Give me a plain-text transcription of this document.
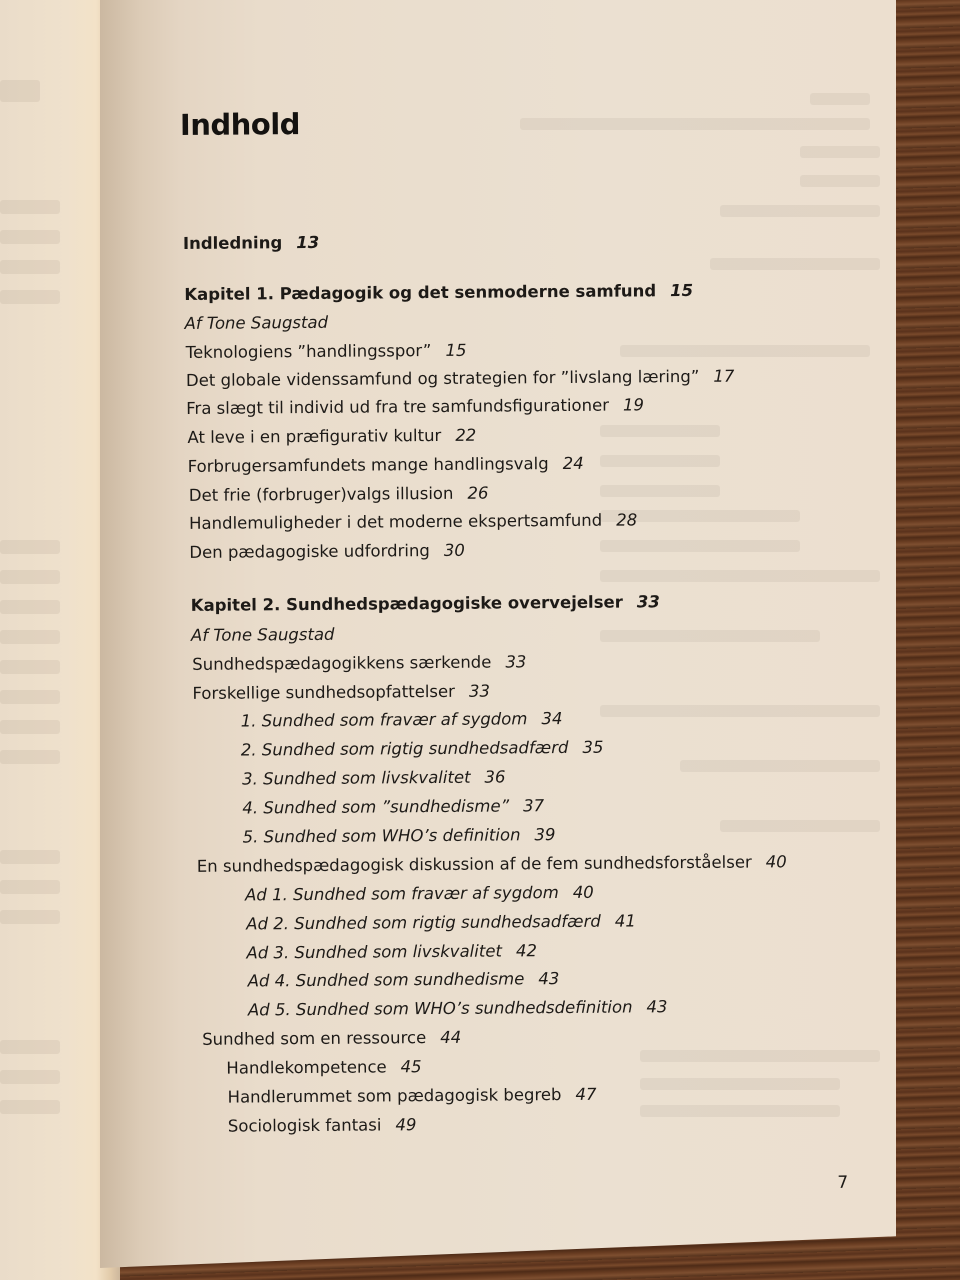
Indhold
Indledning 13
Kapitel 1. Pædagogik og det senmoderne samfund 15
Af Tone Saugstad
Teknologiens ”handlingsspor” 15
Det globale videnssamfund og strategien for ”livslang læring” 17
Fra slægt til individ ud fra tre samfundsfigurationer 19
At leve i en præfigurativ kultur 22
Forbrugersamfundets mange handlingsvalg 24
Det frie (forbruger)valgs illusion 26
Handlemuligheder i det moderne ekspertsamfund 28
Den pædagogiske udfordring 30
Kapitel 2. Sundhedspædagogiske overvejelser 33
Af Tone Saugstad
Sundhedspædagogikkens særkende 33
Forskellige sundhedsopfattelser 33
1. Sundhed som fravær af sygdom 34
2. Sundhed som rigtig sundhedsadfærd 35
3. Sundhed som livskvalitet 36
4. Sundhed som ”sundhedisme” 37
5. Sundhed som WHO’s definition 39
En sundhedspædagogisk diskussion af de fem sundhedsforståelser 40
Ad 1. Sundhed som fravær af sygdom 40
Ad 2. Sundhed som rigtig sundhedsadfærd 41
Ad 3. Sundhed som livskvalitet 42
Ad 4. Sundhed som sundhedisme 43
Ad 5. Sundhed som WHO’s sundhedsdefinition 43
Sundhed som en ressource 44
Handlekompetence 45
Handlerummet som pædagogisk begreb 47
Sociologisk fantasi 49
7
